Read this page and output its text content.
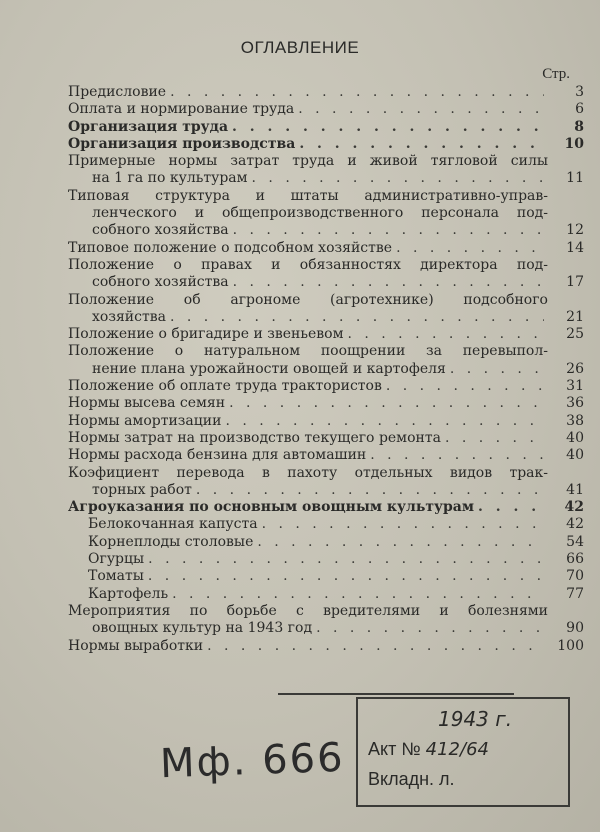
ОГЛАВЛЕНИЕ
Стр.
Предисловие . . .	3
Оплата и нормирование труда . . .	6
Организация труда . . .	8
Организация производства . . .	10
Примерные нормы затрат труда и живой тягловой силы
на 1 га по культурам . . .	11
Типовая структура и штаты административно-управ-
ленческого и общепроизводственного персонала под-
собного хозяйства . . .	12
Типовое положение о подсобном хозяйстве . . .	14
Положение о правах и обязанностях директора под-
собного хозяйства . . .	17
Положение об агрономе (агротехнике) подсобного
хозяйства . . .	21
Положение о бригадире и звеньевом . . .	25
Положение о натуральном поощрении за перевыпол-
нение плана урожайности овощей и картофеля . . .	26
Положение об оплате труда трактористов . . .	31
Нормы высева семян . . .	36
Нормы амортизации . . .	38
Нормы затрат на производство текущего ремонта . . .	40
Нормы расхода бензина для автомашин . . .	40
Коэфициент перевода в пахоту отдельных видов трак-
торных работ . . .	41
Агроуказания по основным овощным культурам . . .	42
Белокочанная капуста . . .	42
Корнеплоды столовые . . .	54
Огурцы . . .	66
Томаты . . .	70
Картофель . . .	77
Мероприятия по борьбе с вредителями и болезнями
овощных культур на 1943 год . . .	90
Нормы выработки . . .	100
1943 г.
Акт № 412/64
Вкладн. л.
Мф. 666
